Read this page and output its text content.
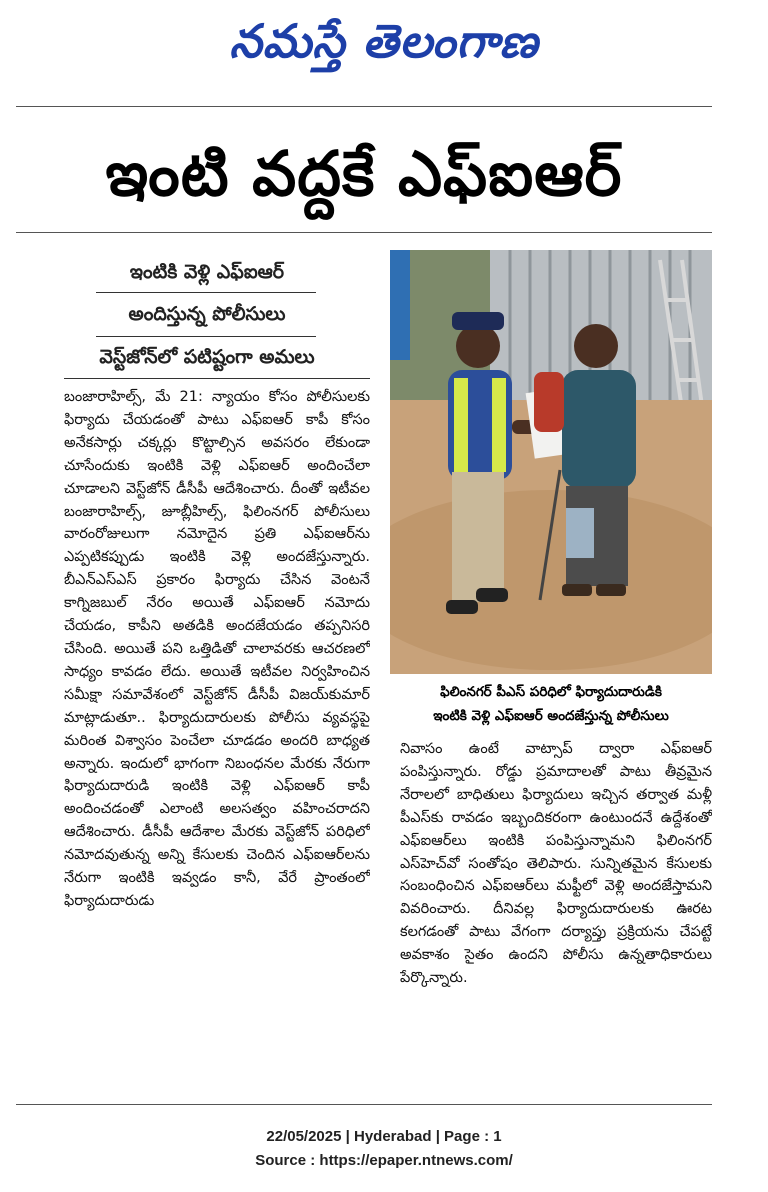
నమస్తే తెలంగాణ
ఇంటి వద్దకే ఎఫ్‌ఐఆర్
ఇంటికి వెళ్లి ఎఫ్‌ఐఆర్
అందిస్తున్న పోలీసులు
వెస్ట్‌జోన్‌లో పటిష్టంగా అమలు
బంజారాహిల్స్, మే 21: న్యాయం కోసం పోలీసులకు ఫిర్యాదు చేయడంతో పాటు ఎఫ్‌ఐఆర్ కాపీ కోసం అనేకసార్లు చక్కర్లు కొట్టాల్సిన అవసరం లేకుండా చూసేందుకు ఇంటికి వెళ్లి ఎఫ్‌ఐఆర్ అందించేలా చూడాలని వెస్ట్‌జోన్ డీసీపీ ఆదేశించారు. దీంతో ఇటీవల బంజారాహిల్స్, జూబ్లీహిల్స్, ఫిలింనగర్ పోలీసులు వారంరోజులుగా నమోదైన ప్రతి ఎఫ్‌ఐఆర్‌ను ఎప్పటికప్పుడు ఇంటికి వెళ్లి అందజేస్తున్నారు. బీఎన్‌ఎస్‌ఎస్ ప్రకారం ఫిర్యాదు చేసిన వెంటనే కాగ్నిజబుల్ నేరం అయితే ఎఫ్‌ఐఆర్ నమోదు చేయడం, కాపీని అతడికి అందజేయడం తప్పనిసరి చేసింది. అయితే పని ఒత్తిడితో చాలావరకు ఆచరణలో సాధ్యం కావడం లేదు. అయితే ఇటీవల నిర్వహించిన సమీక్షా సమావేశంలో వెస్ట్‌జోన్ డీసీపీ విజయ్‌కుమార్ మాట్లాడుతూ.. ఫిర్యాదుదారులకు పోలీసు వ్యవస్థపై మరింత విశ్వాసం పెంచేలా చూడడం అందరి బాధ్యత అన్నారు. ఇందులో భాగంగా నిబంధనల మేరకు నేరుగా ఫిర్యాదుదారుడి ఇంటికి వెళ్లి ఎఫ్‌ఐఆర్ కాపీ అందించడంతో ఎలాంటి అలసత్వం వహించరాదని ఆదేశించారు. డీసీపీ ఆదేశాల మేరకు వెస్ట్‌జోన్ పరిధిలో నమోదవుతున్న అన్ని కేసులకు చెందిన ఎఫ్‌ఐఆర్‌లను నేరుగా ఇంటికి ఇవ్వడం కానీ, వేరే ప్రాంతంలో ఫిర్యాదుదారుడు
ఫిలింనగర్ పీఎస్ పరిధిలో ఫిర్యాదుదారుడికి
ఇంటికి వెళ్లి ఎఫ్‌ఐఆర్ అందజేస్తున్న పోలీసులు
నివాసం ఉంటే వాట్సాప్ ద్వారా ఎఫ్‌ఐఆర్ పంపిస్తున్నారు. రోడ్డు ప్రమాదాలతో పాటు తీవ్రమైన నేరాలలో బాధితులు ఫిర్యాదులు ఇచ్చిన తర్వాత మళ్లీ పీఎస్‌కు రావడం ఇబ్బందికరంగా ఉంటుందనే ఉద్దేశంతో ఎఫ్‌ఐఆర్‌లు ఇంటికి పంపిస్తున్నామని ఫిలింనగర్ ఎస్‌హెచ్‌వో సంతోషం తెలిపారు. సున్నితమైన కేసులకు సంబంధించిన ఎఫ్‌ఐఆర్‌లు మఫ్టీలో వెళ్లి అందజేస్తామని వివరించారు. దీనివల్ల ఫిర్యాదుదారులకు ఊరట కలగడంతో పాటు వేగంగా దర్యాప్తు ప్రక్రియను చేపట్టే అవకాశం సైతం ఉందని పోలీసు ఉన్నతాధికారులు పేర్కొన్నారు.
22/05/2025 | Hyderabad | Page : 1
Source : https://epaper.ntnews.com/
